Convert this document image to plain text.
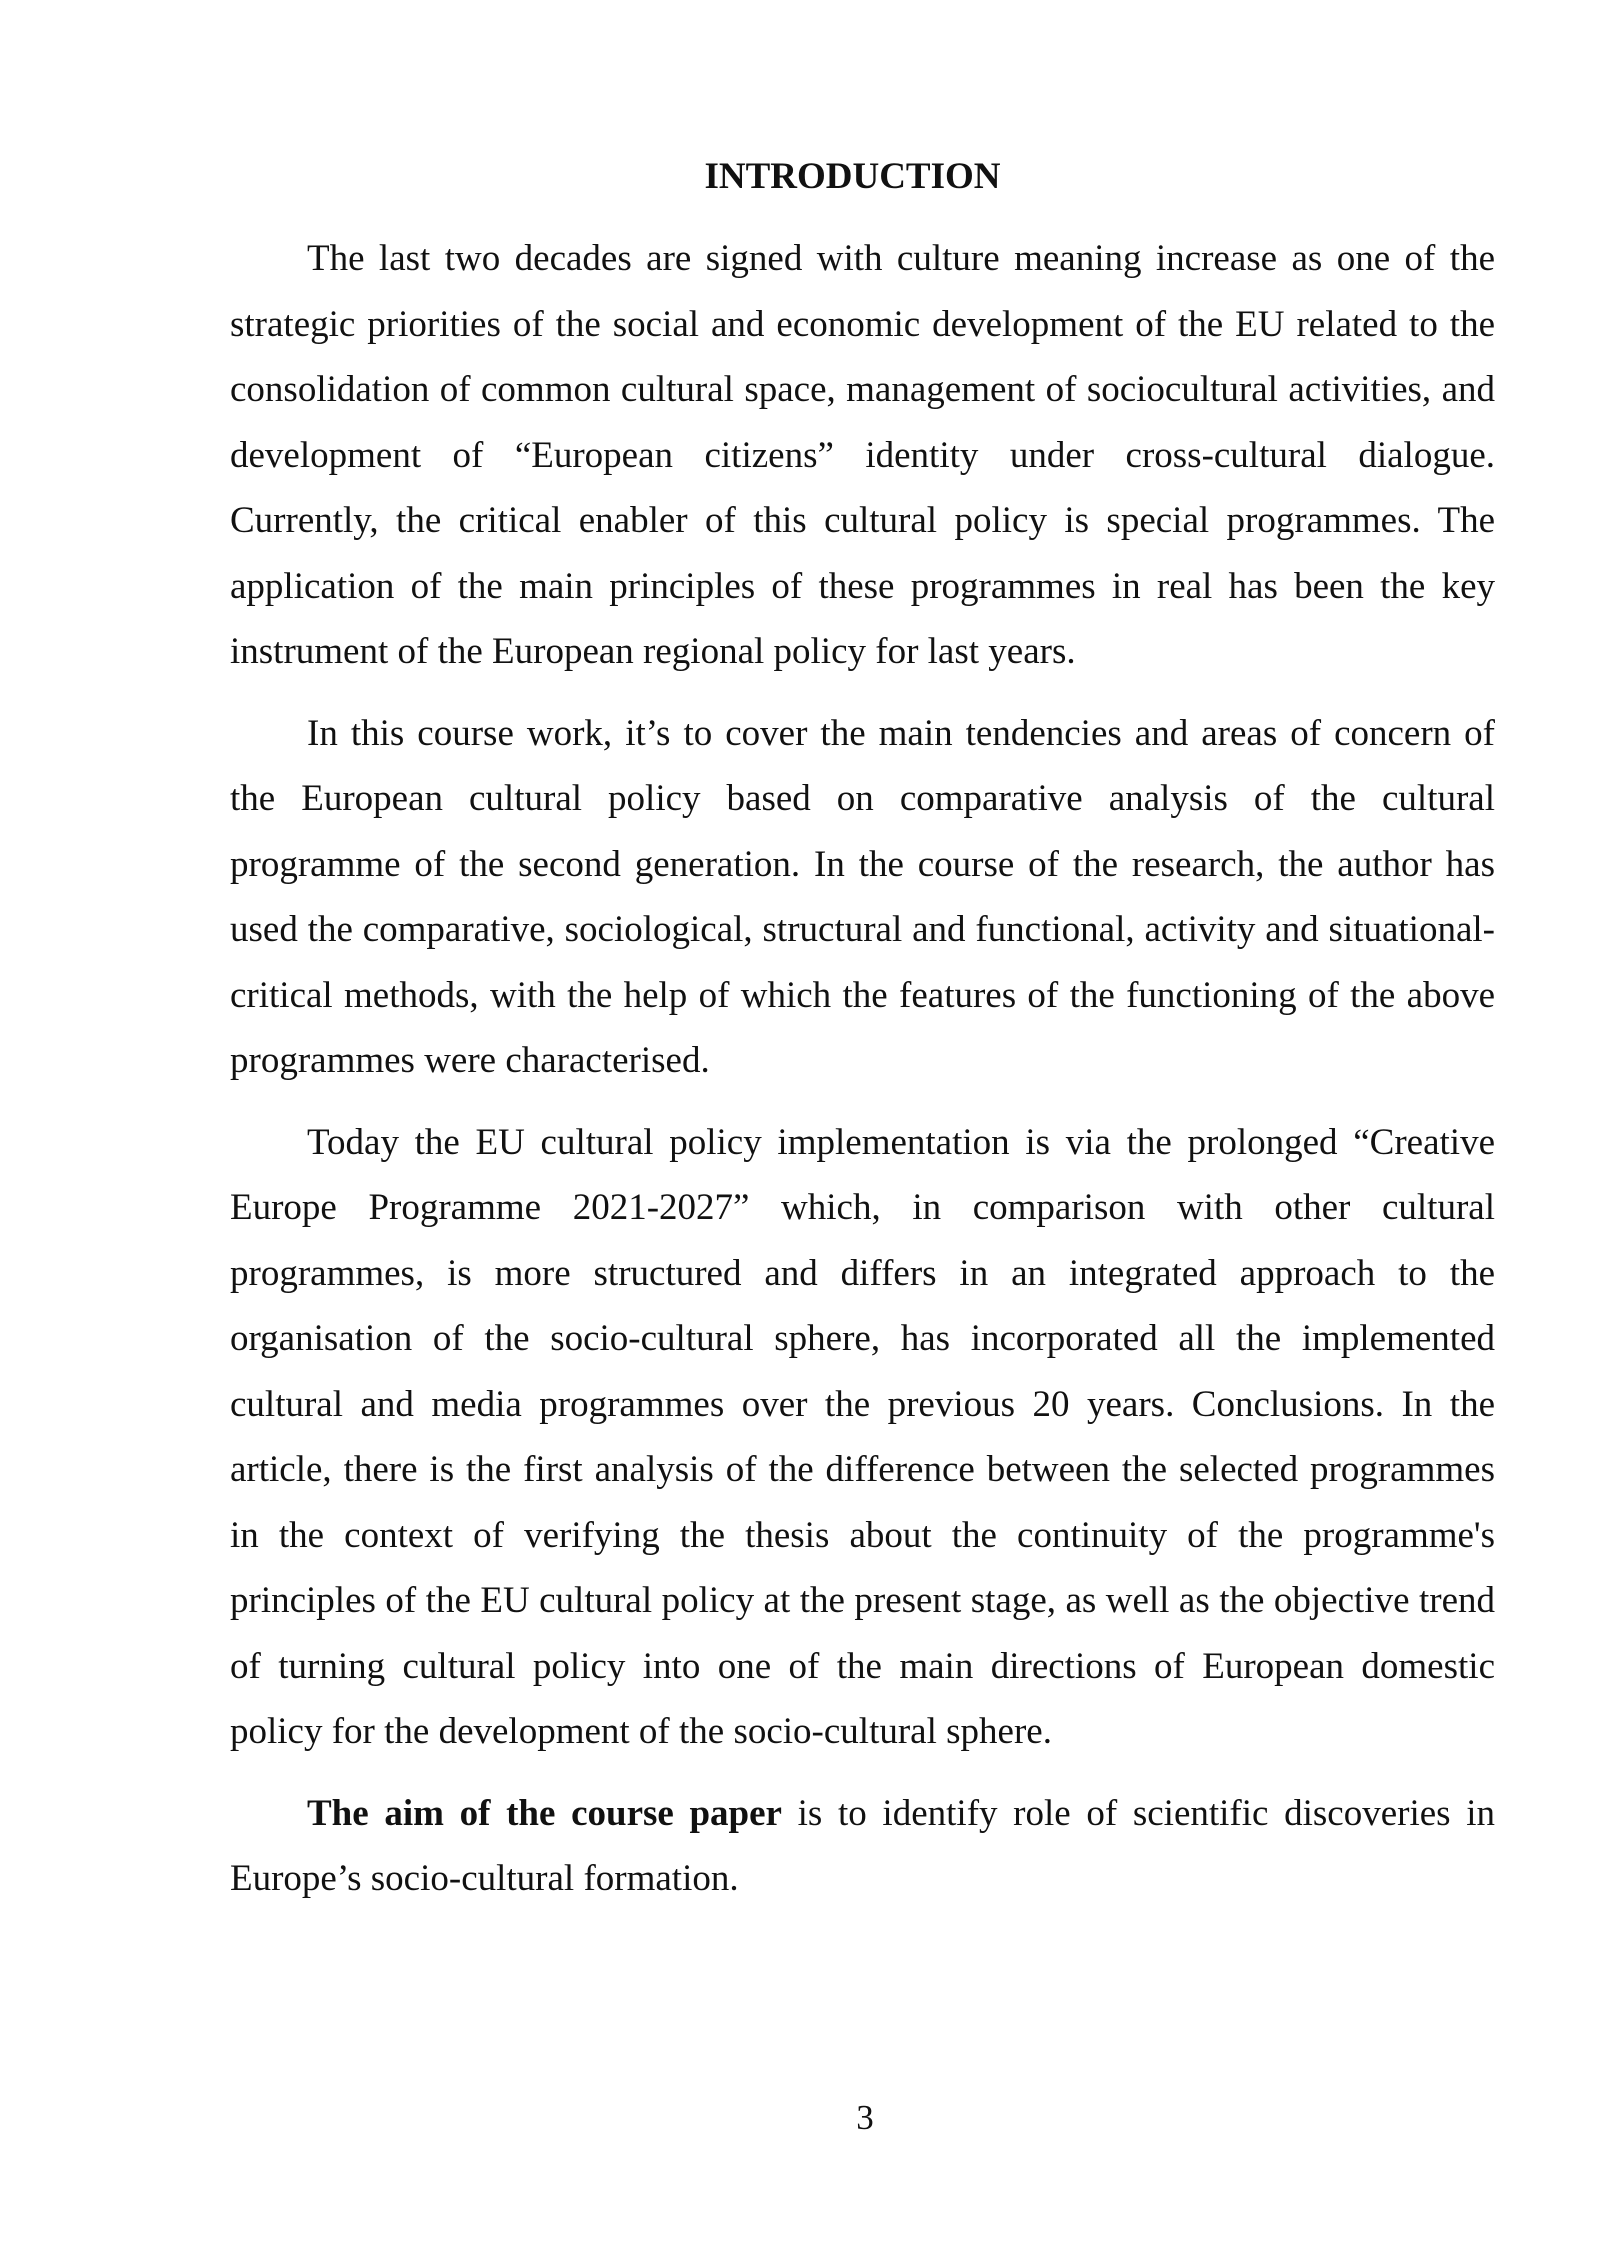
INTRODUCTION

The last two decades are signed with culture meaning increase as one of the strategic priorities of the social and economic development of the EU related to the consolidation of common cultural space, management of sociocultural activities, and development of “European citizens” identity under cross-cultural dialogue. Currently, the critical enabler of this cultural policy is special programmes. The application of the main principles of these programmes in real has been the key instrument of the European regional policy for last years.

In this course work, it’s to cover the main tendencies and areas of concern of the European cultural policy based on comparative analysis of the cultural programme of the second generation. In the course of the research, the author has used the comparative, sociological, structural and functional, activity and situational-critical methods, with the help of which the features of the functioning of the above programmes were characterised.

Today the EU cultural policy implementation is via the prolonged “Creative Europe Programme 2021-2027” which, in comparison with other cultural programmes, is more structured and differs in an integrated approach to the organisation of the socio-cultural sphere, has incorporated all the implemented cultural and media programmes over the previous 20 years. Conclusions. In the article, there is the first analysis of the difference between the selected programmes in the context of verifying the thesis about the continuity of the programme's principles of the EU cultural policy at the present stage, as well as the objective trend of turning cultural policy into one of the main directions of European domestic policy for the development of the socio-cultural sphere.

The aim of the course paper is to identify role of scientific discoveries in Europe’s socio-cultural formation.

3
